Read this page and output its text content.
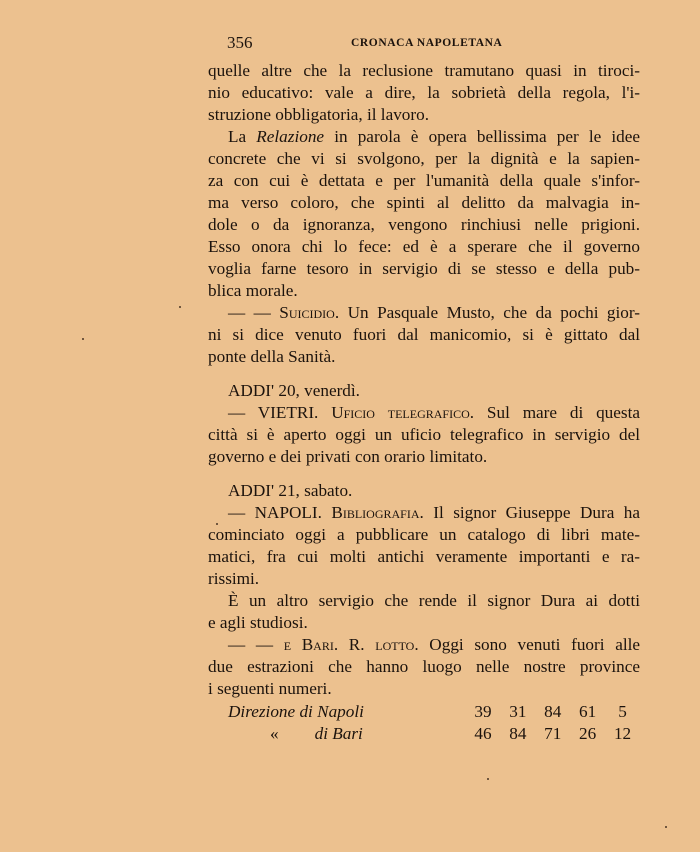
356	CRONACA NAPOLETANA
quelle altre che la reclusione tramutano quasi in tiroci-
nio educativo: vale a dire, la sobrietà della regola, l'i-
struzione obbligatoria, il lavoro.
La Relazione in parola è opera bellissima per le idee
concrete che vi si svolgono, per la dignità e la sapien-
za con cui è dettata e per l'umanità della quale s'infor-
ma verso coloro, che spinti al delitto da malvagia in-
dole o da ignoranza, vengono rinchiusi nelle prigioni.
Esso onora chi lo fece: ed è a sperare che il governo
voglia farne tesoro in servigio di se stesso e della pub-
blica morale.
— — Suicidio. Un Pasquale Musto, che da pochi gior-
ni si dice venuto fuori dal manicomio, si è gittato dal
ponte della Sanità.
ADDI' 20, venerdì.
— VIETRI. Uficio telegrafico. Sul mare di questa
città si è aperto oggi un uficio telegrafico in servigio del
governo e dei privati con orario limitato.
ADDI' 21, sabato.
— NAPOLI. Bibliografia. Il signor Giuseppe Dura ha
cominciato oggi a pubblicare un catalogo di libri mate-
matici, fra cui molti antichi veramente importanti e ra-
rissimi.
È un altro servigio che rende il signor Dura ai dotti
e agli studiosi.
— — e Bari. R. lotto. Oggi sono venuti fuori alle
due estrazioni che hanno luogo nelle nostre province
i seguenti numeri.
Direzione di Napoli	39	31	84	61	5
« di Bari	46	84	71	26	12
